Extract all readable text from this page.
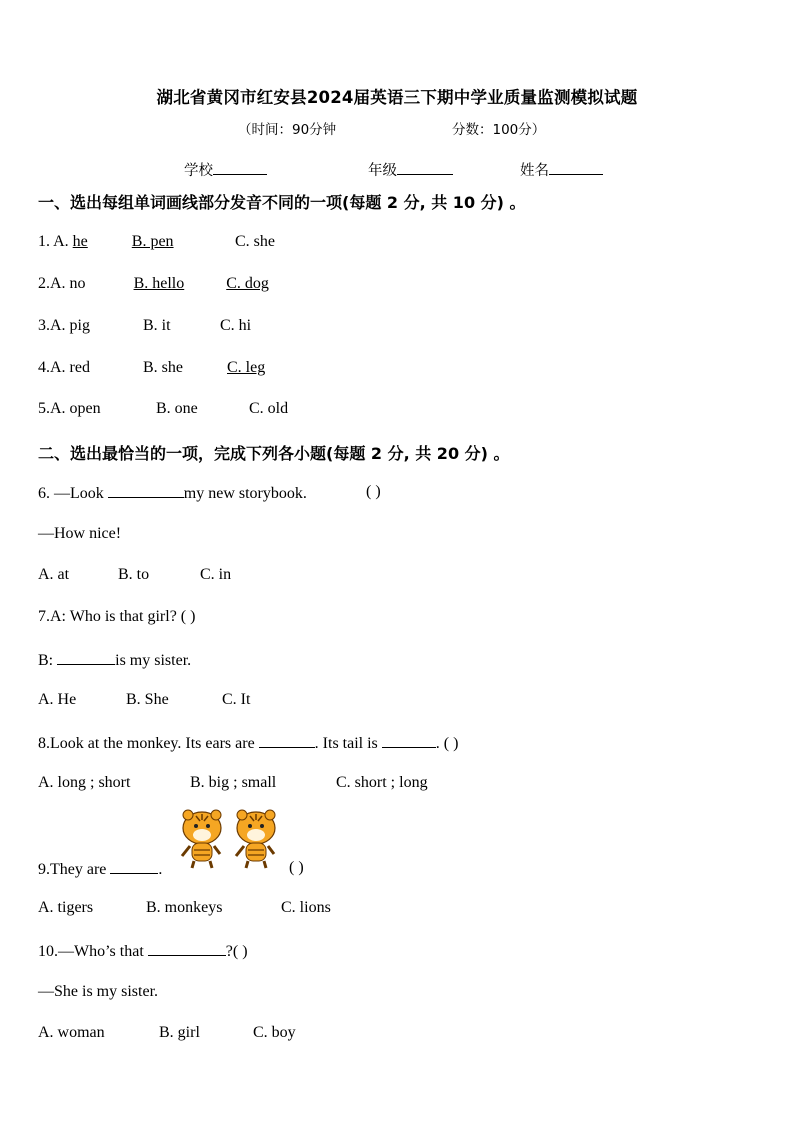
湖北省黄冈市红安县2024届英语三下期中学业质量监测模拟试题
（时间：90分钟	分数：100分）
学校	年级	姓名
一、选出每组单词画线部分发音不同的一项(每题 2 分, 共 10 分) 。
1. A. he	B. pen	C. she
2.A. no	B. hello	C. dog
3.A. pig	B. it	C. hi
4.A. red	B. she	C. leg
5.A. open	B. one	C. old
二、选出最恰当的一项，完成下列各小题(每题 2 分, 共 20 分) 。
6. —Look	my new storybook.	( )
—How nice!
A. at	B. to	C. in
7.A: Who is that girl? ( )
B:	is my sister.
A. He	B. She	C. It
8.Look at the monkey. Its ears are	. Its tail is	. ( )
A. long ; short	B. big ; small	C. short ; long
9.They are	.	( )
A. tigers	B. monkeys	C. lions
10.—Who’s that	?( )
—She is my sister.
A. woman	B. girl	C. boy
